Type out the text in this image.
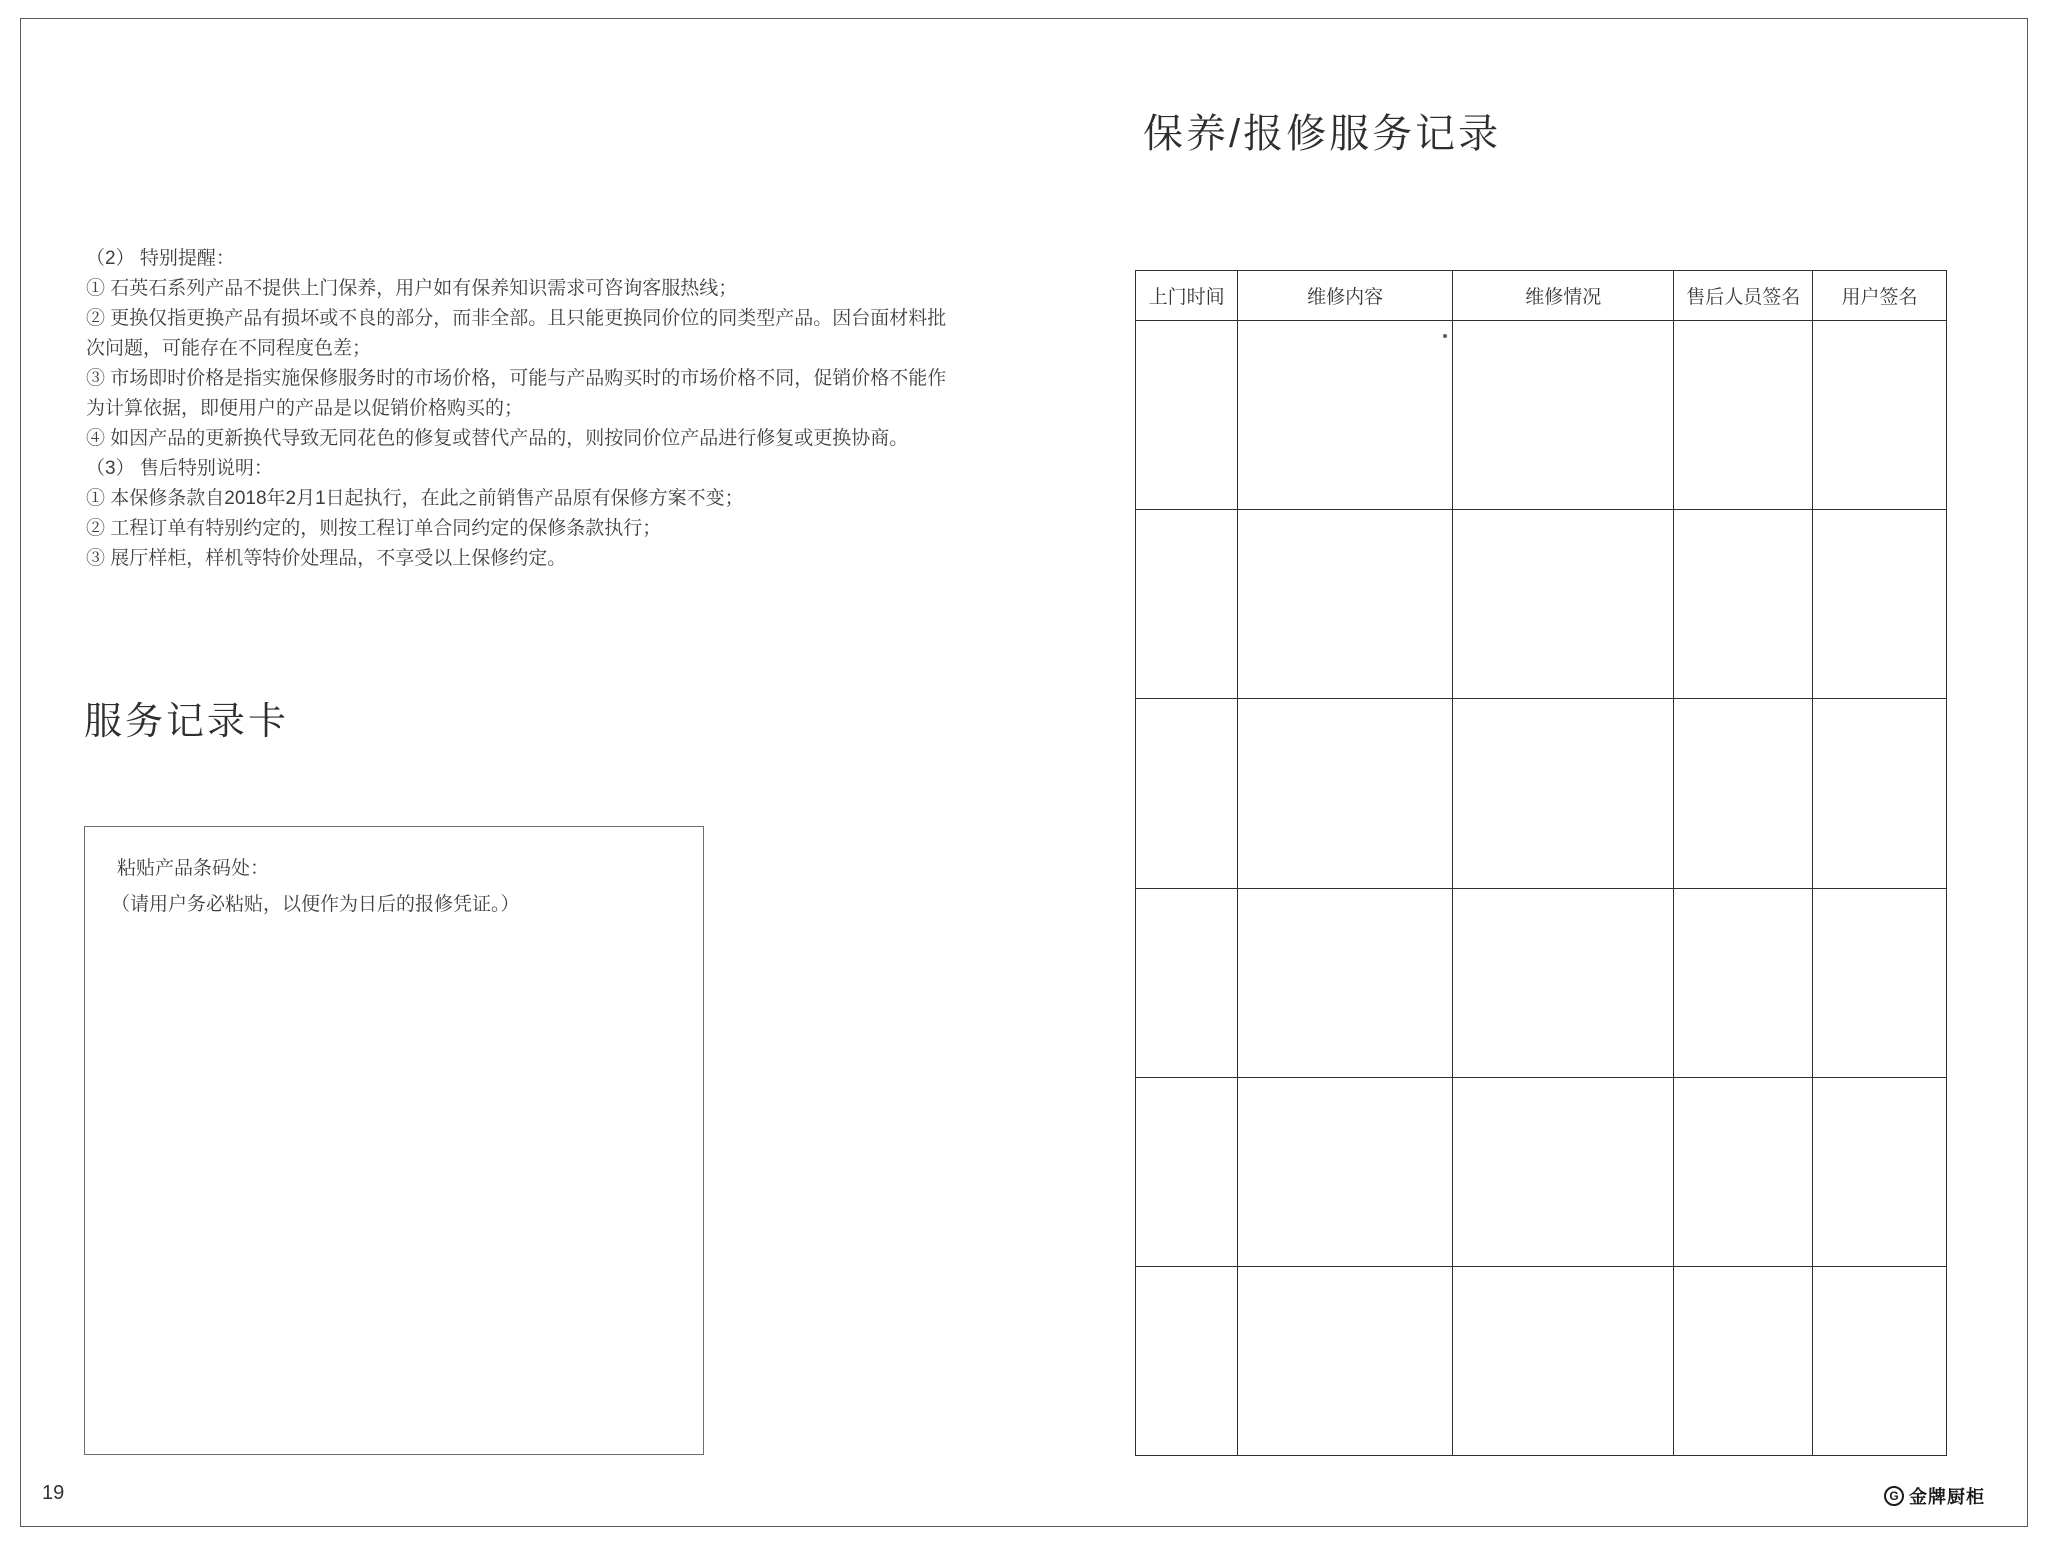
（2） 特别提醒：
① 石英石系列产品不提供上门保养，用户如有保养知识需求可咨询客服热线；
② 更换仅指更换产品有损坏或不良的部分，而非全部。且只能更换同价位的同类型产品。因台面材料批
次问题，可能存在不同程度色差；
③ 市场即时价格是指实施保修服务时的市场价格，可能与产品购买时的市场价格不同，促销价格不能作
为计算依据，即便用户的产品是以促销价格购买的；
④ 如因产品的更新换代导致无同花色的修复或替代产品的，则按同价位产品进行修复或更换协商。
（3） 售后特别说明：
① 本保修条款自2018年2月1日起执行，在此之前销售产品原有保修方案不变；
② 工程订单有特别约定的，则按工程订单合同约定的保修条款执行；
③ 展厅样柜，样机等特价处理品，不享受以上保修约定。
服务记录卡
粘贴产品条码处：
（请用户务必粘贴，以便作为日后的报修凭证。）
保养/报修服务记录
上门时间	维修内容	维修情况	售后人员签名	用户签名
19	G 金牌厨柜
